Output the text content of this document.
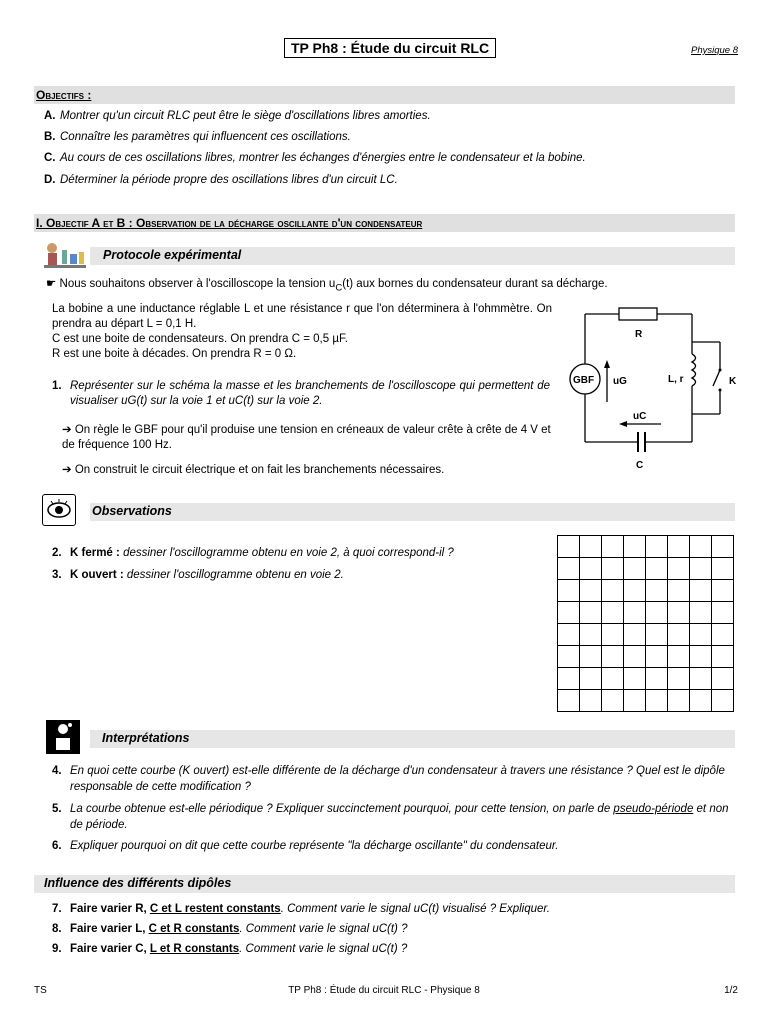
TP Ph8 : Étude du circuit RLC	Physique 8
Objectifs :
A. Montrer qu'un circuit RLC peut être le siège d'oscillations libres amorties.
B. Connaître les paramètres qui influencent ces oscillations.
C. Au cours de ces oscillations libres, montrer les échanges d'énergies entre le condensateur et la bobine.
D. Déterminer la période propre des oscillations libres d'un circuit LC.
I. Objectif A et B : Observation de la décharge oscillante d'un condensateur
Protocole expérimental
☛ Nous souhaitons observer à l'oscilloscope la tension $u_C(t)$ aux bornes du condensateur durant sa décharge.
La bobine a une inductance réglable L et une résistance r que l'on déterminera à l'ohmmètre. On prendra au départ L = 0,1 H.
C est une boite de condensateurs. On prendra C = 0,5 µF.
R est une boite à décades. On prendra R = 0 Ω.
1. Représenter sur le schéma la masse et les branchements de l'oscilloscope qui permettent de visualiser uG(t) sur la voie 1 et uC(t) sur la voie 2.
➔ On règle le GBF pour qu'il produise une tension en créneaux de valeur crête à crête de 4 V et de fréquence 100 Hz.
➔ On construit le circuit électrique et on fait les branchements nécessaires.
R
GBF uG	L, r	K
uC
C
Observations
2. K fermé : dessiner l'oscillogramme obtenu en voie 2, à quoi correspond-il ?
3. K ouvert : dessiner l'oscillogramme obtenu en voie 2.
Interprétations
4. En quoi cette courbe (K ouvert) est-elle différente de la décharge d'un condensateur à travers une résistance ? Quel est le dipôle responsable de cette modification ?
5. La courbe obtenue est-elle périodique ? Expliquer succinctement pourquoi, pour cette tension, on parle de pseudo-période et non de période.
6. Expliquer pourquoi on dit que cette courbe représente "la décharge oscillante" du condensateur.
Influence des différents dipôles
7. Faire varier R, C et L restent constants. Comment varie le signal uC(t) visualisé ? Expliquer.
8. Faire varier L, C et R constants. Comment varie le signal uC(t) ?
9. Faire varier C, L et R constants. Comment varie le signal uC(t) ?
TS	TP Ph8 : Étude du circuit RLC - Physique 8	1/2
